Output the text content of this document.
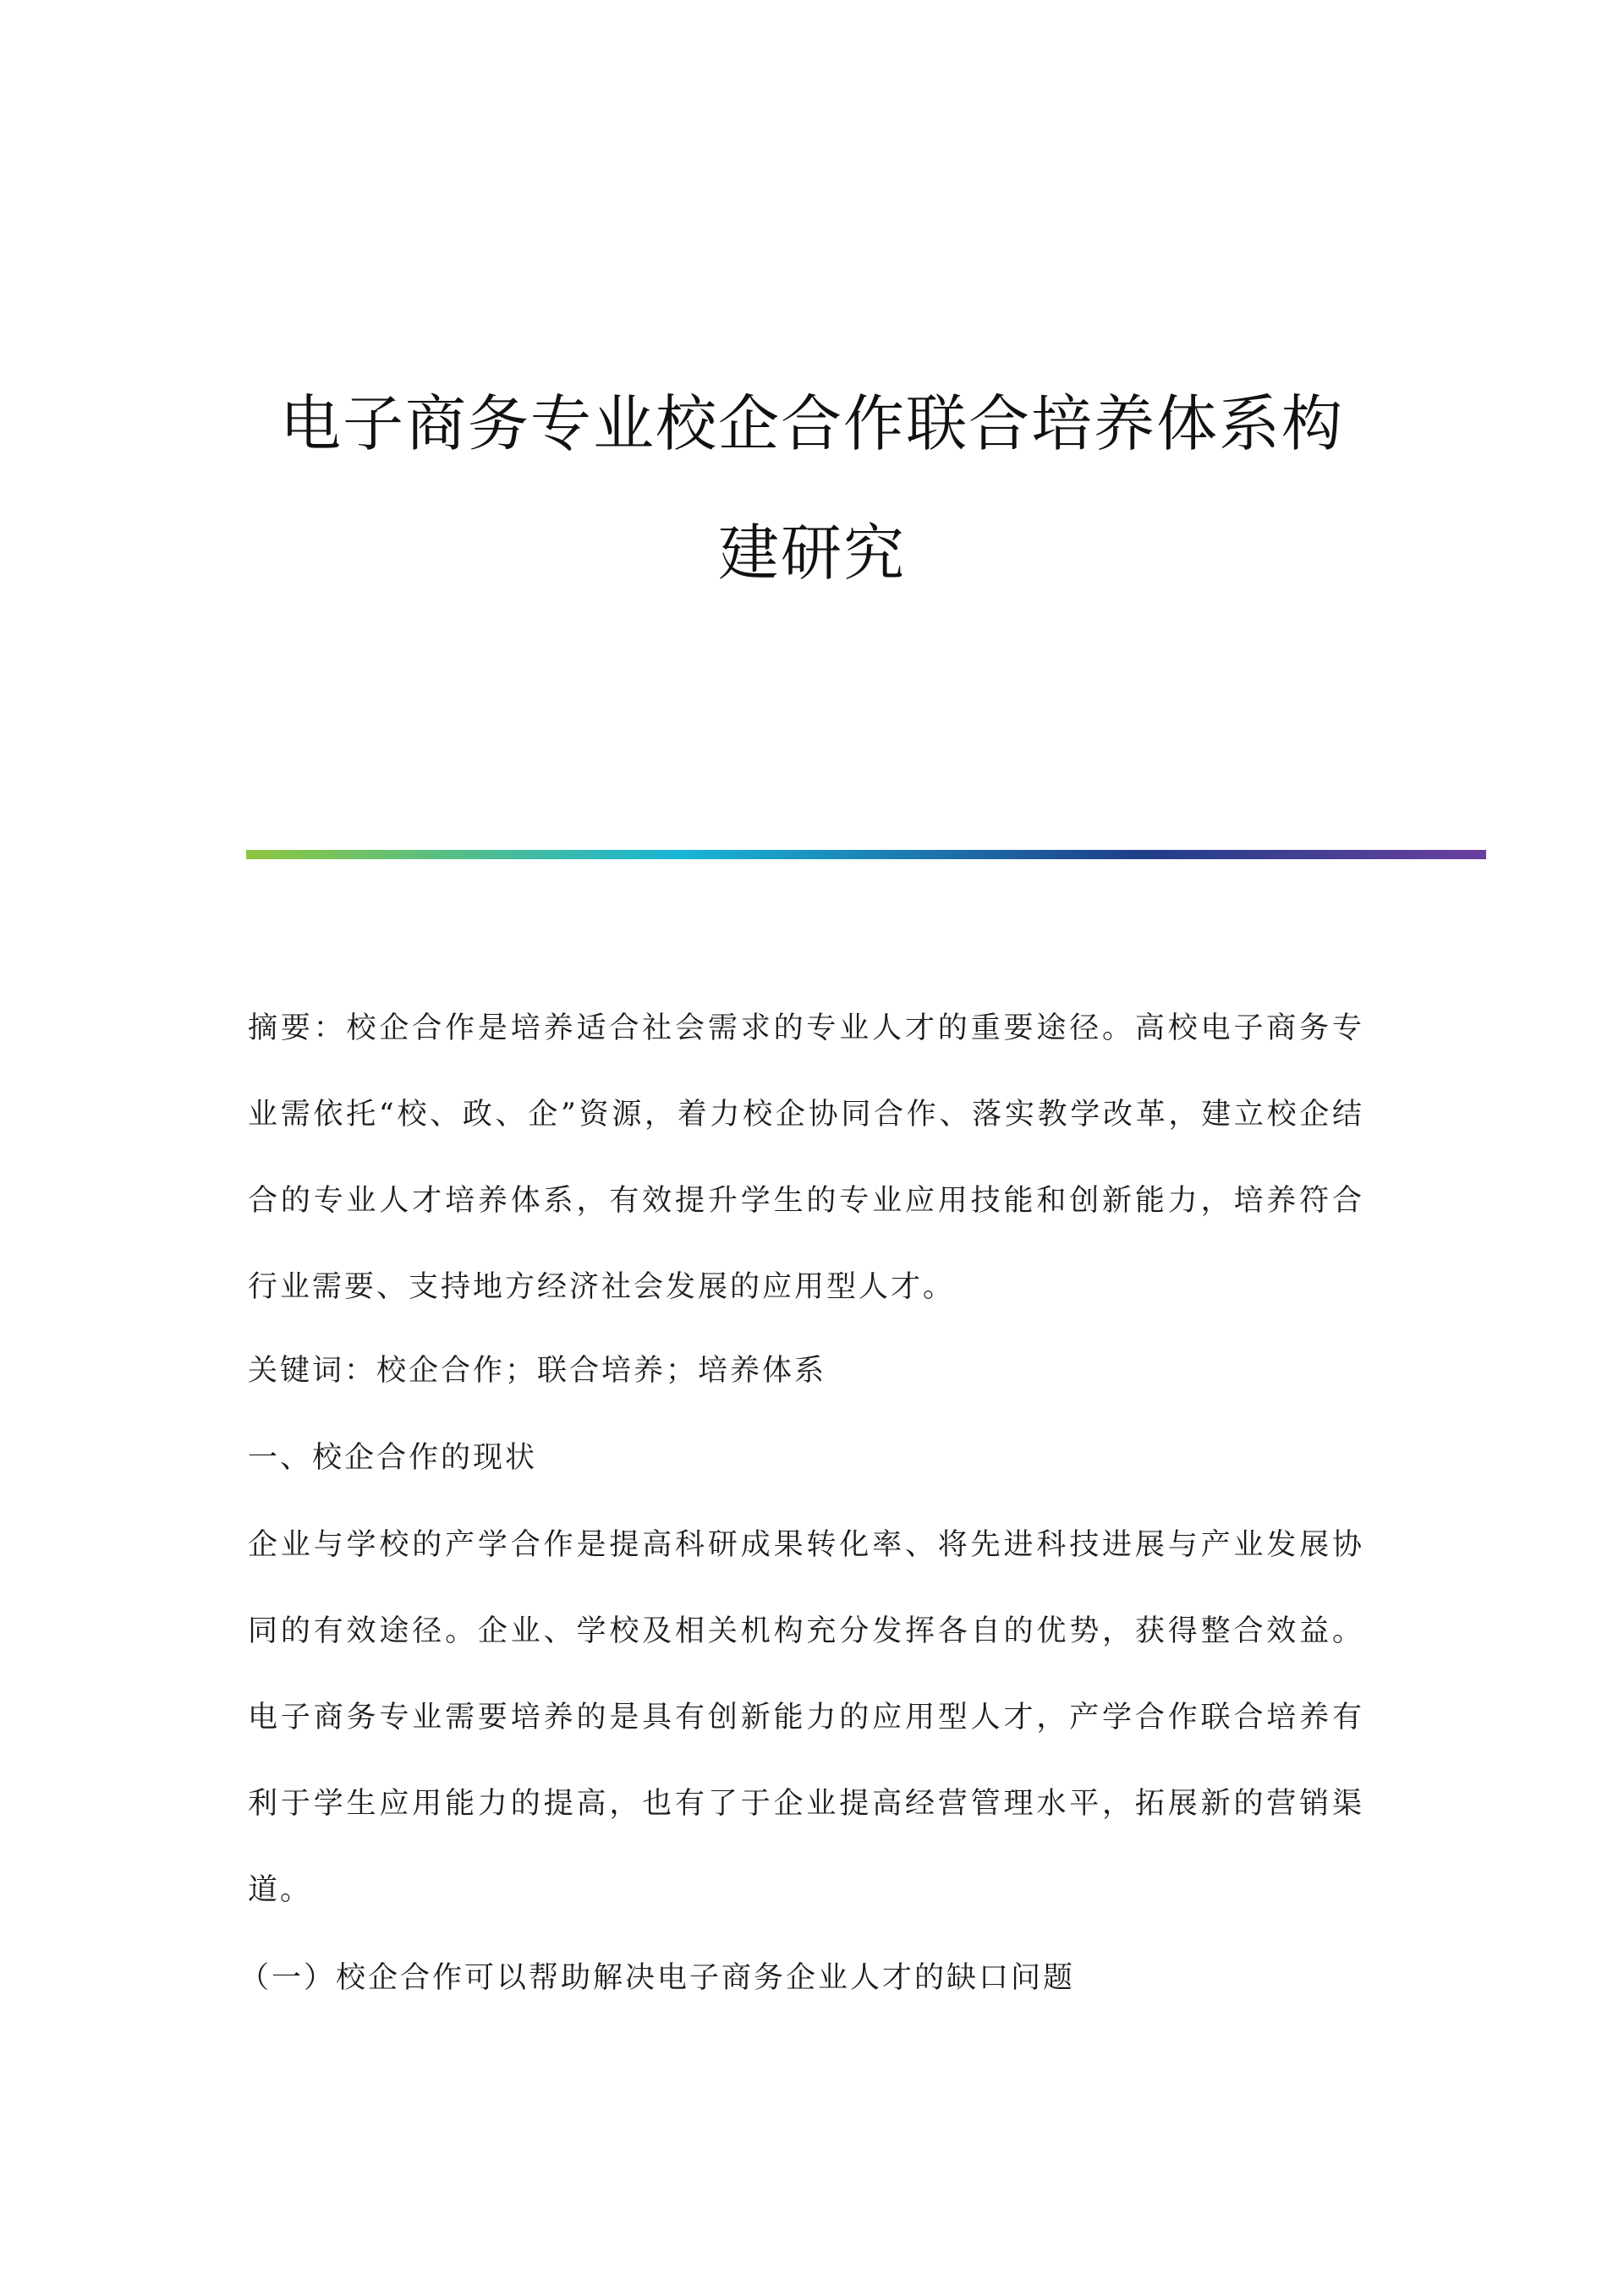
电子商务专业校企合作联合培养体系构
建研究

摘要：校企合作是培养适合社会需求的专业人才的重要途径。高校电子商务专业需依托“校、政、企”资源，着力校企协同合作、落实教学改革，建立校企结合的专业人才培养体系，有效提升学生的专业应用技能和创新能力，培养符合行业需要、支持地方经济社会发展的应用型人才。

关键词：校企合作；联合培养；培养体系

一、校企合作的现状

企业与学校的产学合作是提高科研成果转化率、将先进科技进展与产业发展协同的有效途径。企业、学校及相关机构充分发挥各自的优势，获得整合效益。电子商务专业需要培养的是具有创新能力的应用型人才，产学合作联合培养有利于学生应用能力的提高，也有了于企业提高经营管理水平，拓展新的营销渠道。

（一）校企合作可以帮助解决电子商务企业人才的缺口问题
